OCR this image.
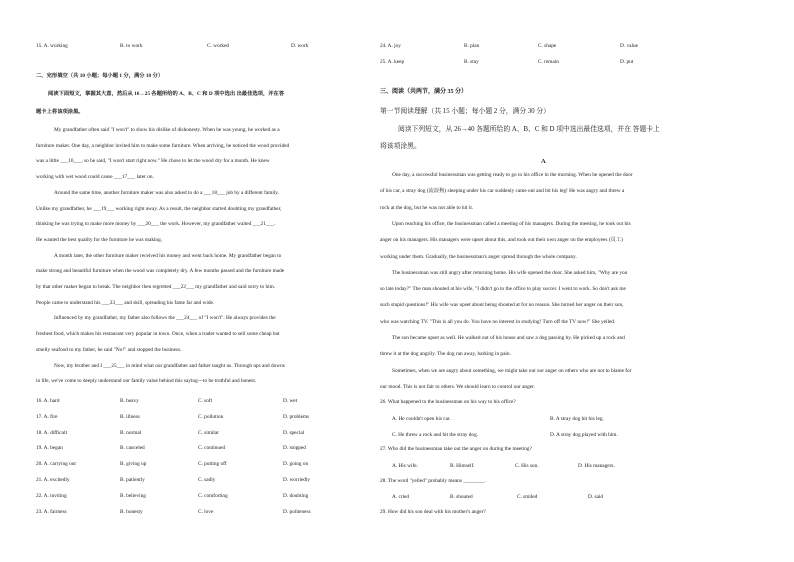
15. A. working	B. to work	C. worked	D. work
二、完形填空（共 10 小题；每小题 1 分，满分 10 分）
阅读下面短文，掌握其大意，然后从 16→25 各题所给的 A、B、C 和 D 项中选出 出最佳选项，并在答
题卡上将该项涂黑。
My grandfather often said "I won't" to show his dislike of dishonesty. When he was young, he worked as a
furniture maker. One day, a neighbor invited him to make some furniture. When arriving, he noticed the wood provided
was a little ___16___, so he said, "I won't start right now." He chose to let the wood dry for a month. He knew
working with wet wood could cause ___17___ later on.
Around the same time, another furniture maker was also asked to do a ___18___ job by a different family.
Unlike my grandfather, he ___19___ working right away. As a result, the neighbor started doubting my grandfather,
thinking he was trying to make more money by ___20___ the work. However, my grandfather waited ___21___.
He wanted the best quality for the furniture he was making.
A month later, the other furniture maker received his money and went back home. My grandfather began to
make strong and beautiful furniture when the wood was completely dry. A few months passed and the furniture made
by that other maker began to break. The neighbor then regretted ___22___ my grandfather and said sorry to him.
People came to understand his ___23___ and skill, spreading his fame far and wide.
Influenced by my grandfather, my father also follows the ___24___ of "I won't". He always provides the
freshest food, which makes his restaurant very popular in town. Once, when a trader wanted to sell some cheap but
smelly seafood to my father, he said "No!" and stopped the business.
Now, my brother and I ___25___ in mind what our grandfather and father taught us. Through ups and downs
in life, we've come to deeply understand our family value behind this saying—to be truthful and honest.
16. A. hard	B. heavy	C. soft	D. wet
17. A. fire	B. illness	C. pollution	D. problems
18. A. difficult	B. normal	C. similar	D. special
19. A. began	B. canceled	C. continued	D. stopped
20. A. carrying out	B. giving up	C. putting off	D. going on
21. A. excitedly	B. patiently	C. sadly	D. worriedly
22. A. inviting	B. believing	C. comforting	D. doubting
23. A. fairness	B. honesty	C. love	D. politeness
24. A. joy	B. plan	C. shape	D. value
25. A. keep	B. stay	C. remain	D. put
三、阅读（共两节，满分 35 分）
第一节阅读理解（共 15 小题；每小题 2 分，满分 30 分）
阅读下列短文，从 26→40 各题所给的 A、B、C 和 D 项中选出最佳选项，并在 答题卡上
将该项涂黑。
A
One day, a successful businessman was getting ready to go to his office in the morning. When he opened the door
of his car, a stray dog (流浪狗) sleeping under his car suddenly came out and bit his leg! He was angry and threw a
rock at the dog, but he was not able to hit it.
Upon reaching his office, the businessman called a meeting of his managers. During the meeting, he took out his
anger on his managers. His managers were upset about this, and took out their own anger on the employees (员工)
working under them. Gradually, the businessman's anger spread through the whole company.
The businessman was still angry after returning home. His wife opened the door. She asked him, "Why are you
so late today?" The man shouted at his wife, "I didn't go to the office to play soccer. I went to work. So don't ask me
such stupid questions!" His wife was upset about being shouted at for no reason. She turned her anger on their son,
who was watching TV. "This is all you do. You have no interest in studying! Turn off the TV now!" She yelled.
The son became upset as well. He walked out of his house and saw a dog passing by. He picked up a rock and
threw it at the dog angrily. The dog ran away, barking in pain.
Sometimes, when we are angry about something, we might take out our anger on others who are not to blame for
our mood. This is not fair to others. We should learn to control our anger.
26. What happened to the businessman on his way to his office?
A. He couldn't open his car.	B. A stray dog bit his leg.
C. He threw a rock and hit the stray dog.	D. A stray dog played with him.
27. Who did the businessman take out the anger on during the meeting?
A. His wife.	B. Himself.	C. His son.	D. His managers.
28. The word "yelled" probably means ________.
A. cried	B. shouted	C. smiled	D. said
29. How did his son deal with his mother's anger?
